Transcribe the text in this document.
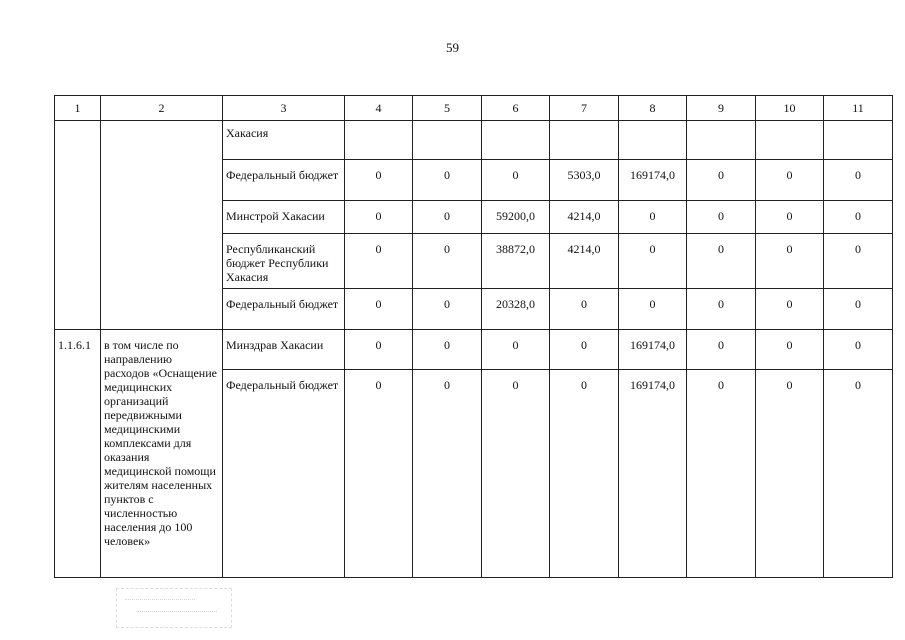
59
1	2	3	4	5	6	7	8	9	10	11
		Хакасия								
		Федеральный бюджет	0	0	0	5303,0	169174,0	0	0	0
		Минстрой Хакасии	0	0	59200,0	4214,0	0	0	0	0
		Республиканский бюджет Республики Хакасия	0	0	38872,0	4214,0	0	0	0	0
		Федеральный бюджет	0	0	20328,0	0	0	0	0	0
1.1.6.1	в том числе по направлению расходов «Оснащение медицинских организаций передвижными медицинскими комплексами для оказания медицинской помощи жителям населенных пунктов с численностью населения до 100 человек»	Минздрав Хакасии	0	0	0	0	169174,0	0	0	0
		Федеральный бюджет	0	0	0	0	169174,0	0	0	0
